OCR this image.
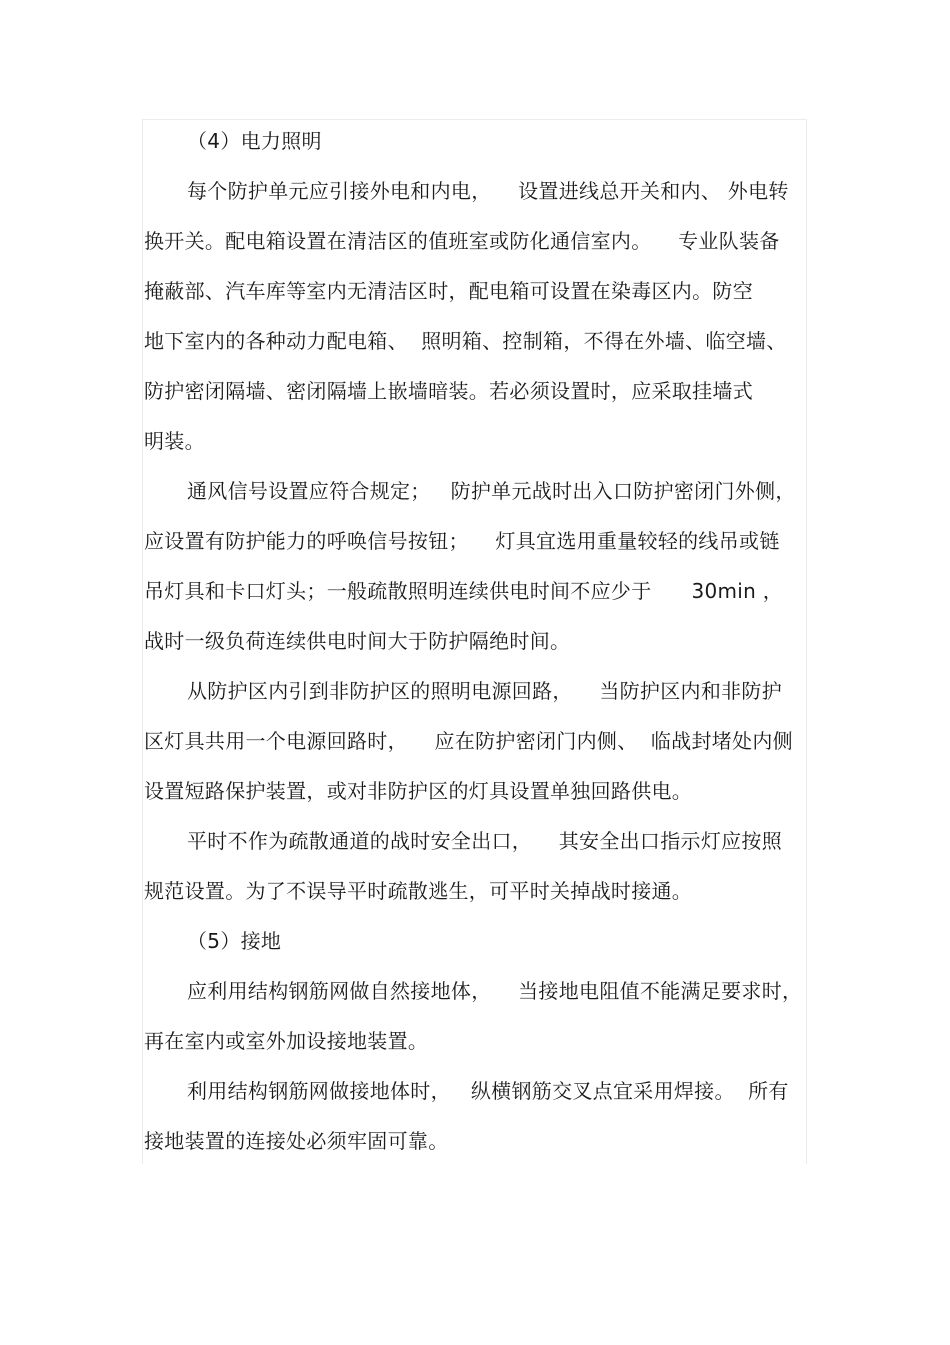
（4）电力照明
每个防护单元应引接外电和内电，    设置进线总开关和内、 外电转
换开关。配电箱设置在清洁区的值班室或防化通信室内。    专业队装备
掩蔽部、汽车库等室内无清洁区时，配电箱可设置在染毒区内。防空
地下室内的各种动力配电箱、  照明箱、控制箱，不得在外墙、临空墙、
防护密闭隔墙、密闭隔墙上嵌墙暗装。若必须设置时，应采取挂墙式
明装。
通风信号设置应符合规定；   防护单元战时出入口防护密闭门外侧，
应设置有防护能力的呼唤信号按钮；    灯具宜选用重量较轻的线吊或链
吊灯具和卡口灯头；一般疏散照明连续供电时间不应少于      30min ，
战时一级负荷连续供电时间大于防护隔绝时间。
从防护区内引到非防护区的照明电源回路，    当防护区内和非防护
区灯具共用一个电源回路时，    应在防护密闭门内侧、  临战封堵处内侧
设置短路保护装置，或对非防护区的灯具设置单独回路供电。
平时不作为疏散通道的战时安全出口，    其安全出口指示灯应按照
规范设置。为了不误导平时疏散逃生，可平时关掉战时接通。
（5）接地
应利用结构钢筋网做自然接地体，    当接地电阻值不能满足要求时，
再在室内或室外加设接地装置。
利用结构钢筋网做接地体时，   纵横钢筋交叉点宜采用焊接。  所有
接地装置的连接处必须牢固可靠。
